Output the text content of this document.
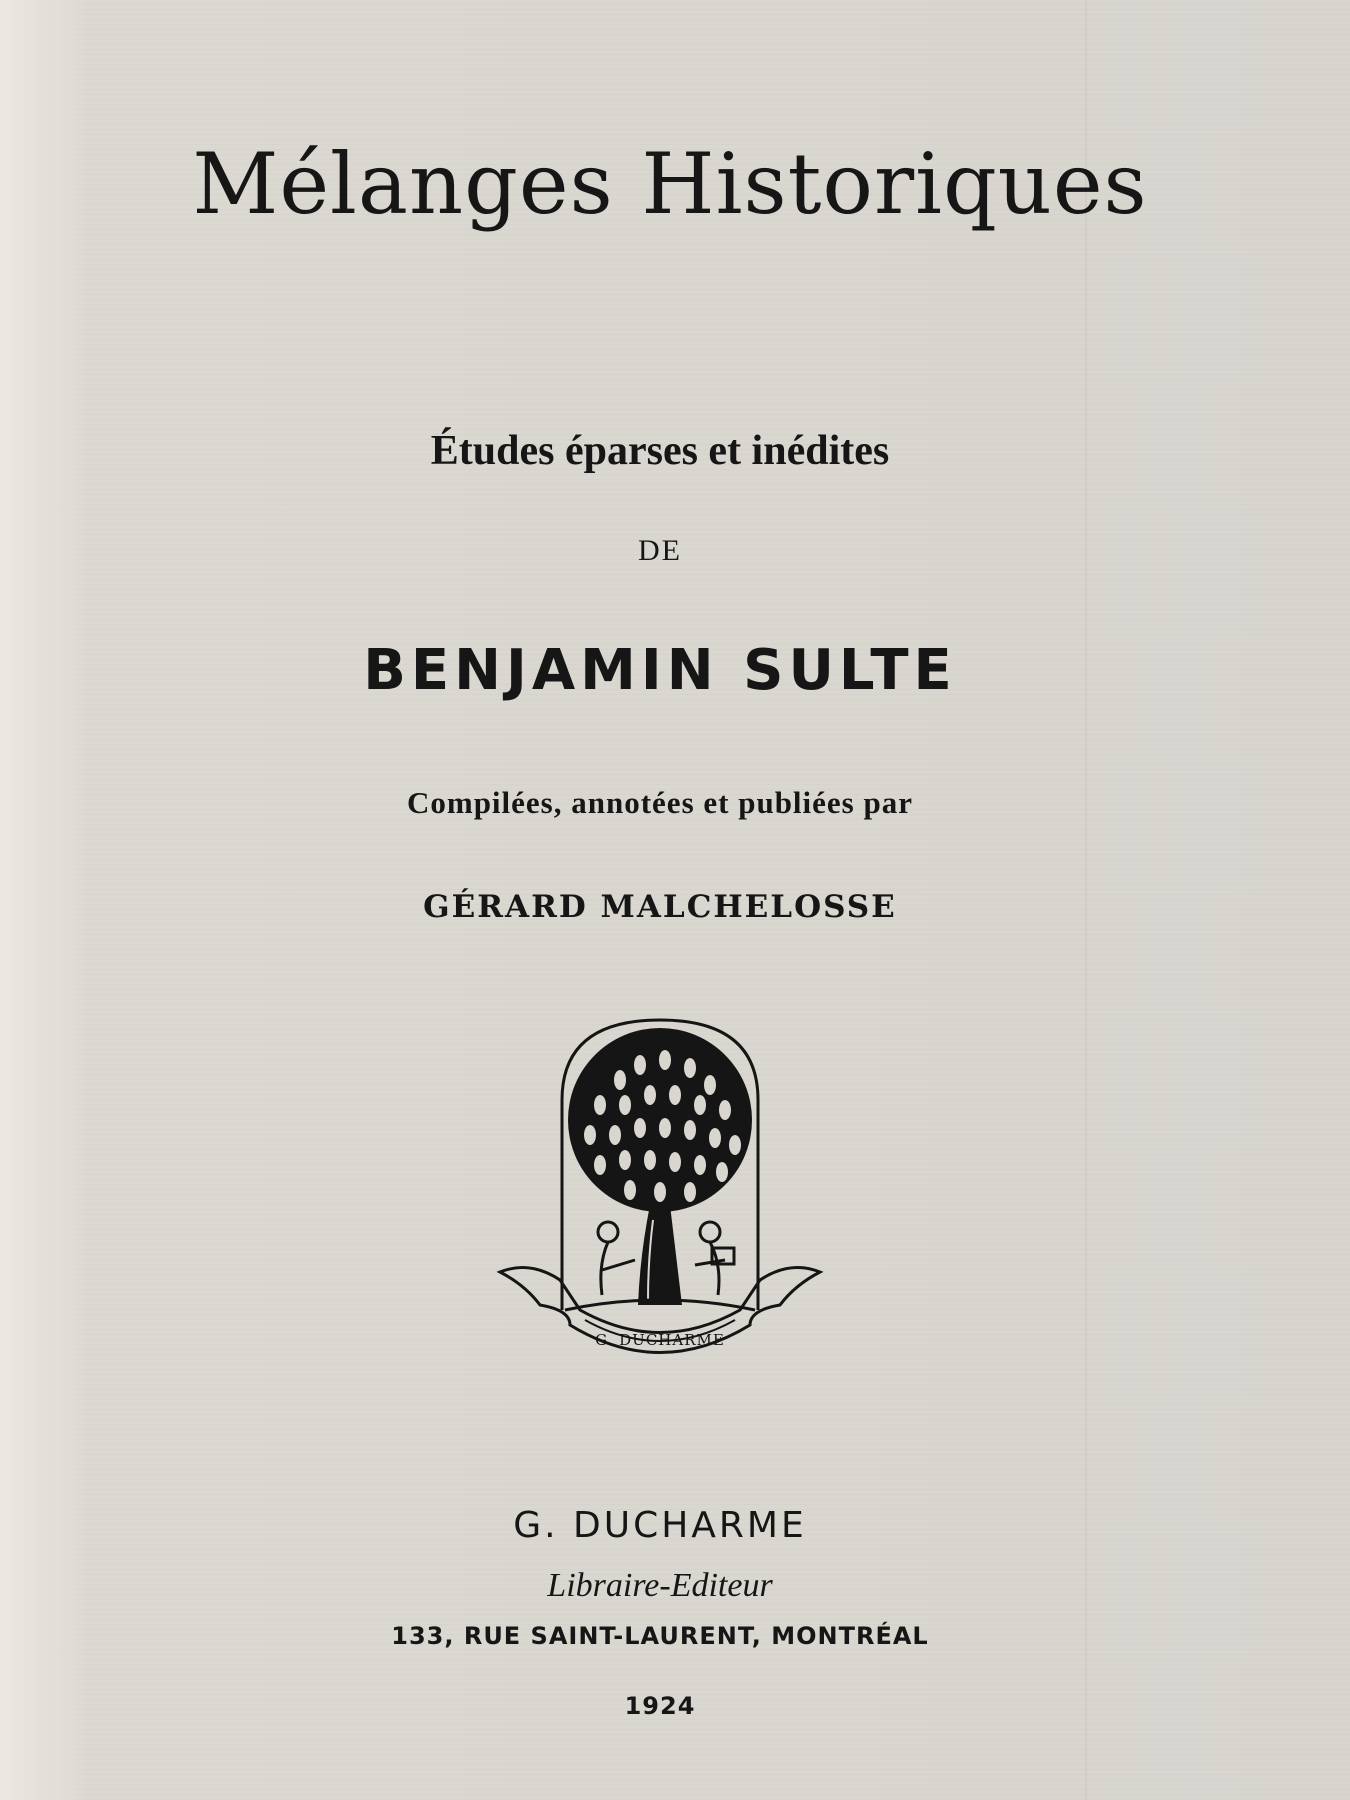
Mélanges Historiques
Études éparses et inédites
DE
BENJAMIN SULTE
Compilées, annotées et publiées par
GÉRARD MALCHELOSSE
G. DUCHARME
G. DUCHARME
Libraire-Editeur
133, RUE SAINT-LAURENT, MONTRÉAL
1924
